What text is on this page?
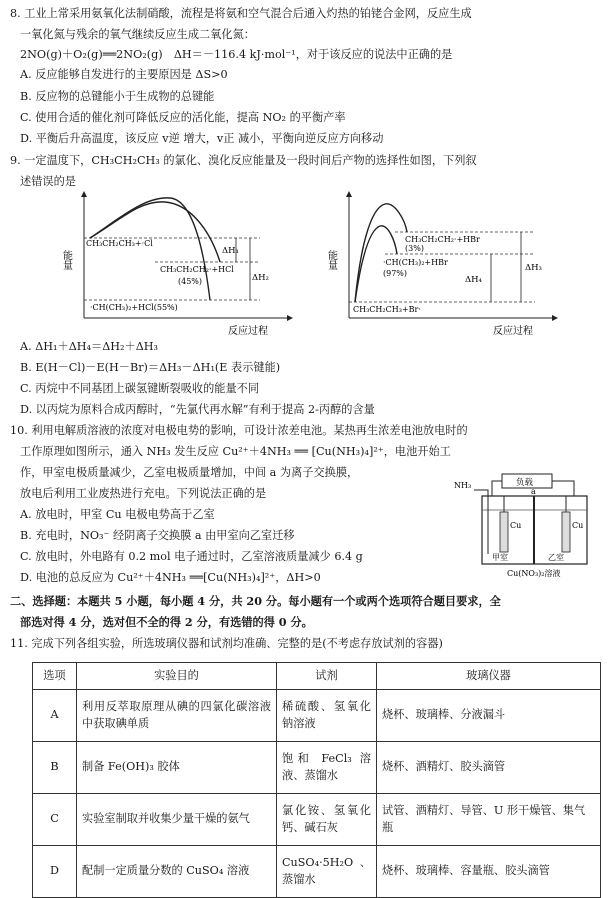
8. 工业上常采用氨氧化法制硝酸，流程是将氨和空气混合后通入灼热的铂铑合金网，反应生成
一氧化氮与残余的氧气继续反应生成二氧化氮：
2NO(g)＋O₂(g)══2NO₂(g)　ΔH＝－116.4 kJ·mol⁻¹，对于该反应的说法中正确的是
A. 反应能够自发进行的主要原因是 ΔS>0
B. 反应物的总键能小于生成物的总键能
C. 使用合适的催化剂可降低反应的活化能，提高 NO₂ 的平衡产率
D. 平衡后升高温度，该反应 v逆 增大，v正 减小，平衡向逆反应方向移动
9. 一定温度下，CH₃CH₂CH₃ 的氯化、溴化反应能量及一段时间后产物的选择性如图，下列叙
述错误的是
能量
反应过程
CH₃CH₂CH₃+·Cl
CH₃CH₂CH₂·+HCl
(45%)
·CH(CH₃)₂+HCl(55%)
ΔH₁
ΔH₂
能量
反应过程
CH₃CH₂CH₂·+HBr
(3%)
·CH(CH₃)₂+HBr
(97%)
CH₃CH₂CH₃+Br·
ΔH₃
ΔH₄
A. ΔH₁＋ΔH₄＝ΔH₂＋ΔH₃
B. E(H－Cl)－E(H－Br)＝ΔH₃－ΔH₁(E 表示键能)
C. 丙烷中不同基团上碳氢键断裂吸收的能量不同
D. 以丙烷为原料合成丙醇时，“先氯代再水解”有利于提高 2-丙醇的含量
10. 利用电解质溶液的浓度对电极电势的影响，可设计浓差电池。某热再生浓差电池放电时的
工作原理如图所示，通入 NH₃ 发生反应 Cu²⁺＋4NH₃ ══ [Cu(NH₃)₄]²⁺，电池开始工
作，甲室电极质量减少，乙室电极质量增加，中间 a 为离子交换膜，
放电后利用工业废热进行充电。下列说法正确的是
A. 放电时，甲室 Cu 电极电势高于乙室
B. 充电时，NO₃⁻ 经阴离子交换膜 a 由甲室向乙室迁移
C. 放电时，外电路有 0.2 mol 电子通过时，乙室溶液质量减少 6.4 g
D. 电池的总反应为 Cu²⁺＋4NH₃ ══[Cu(NH₃)₄]²⁺，ΔH>0
负载
a
Cu	Cu
NH₃
甲室	乙室
Cu(NO₃)₂溶液
二、选择题：本题共 5 小题，每小题 4 分，共 20 分。每小题有一个或两个选项符合题目要求，全
部选对得 4 分，选对但不全的得 2 分，有选错的得 0 分。
11. 完成下列各组实验，所选玻璃仪器和试剂均准确、完整的是(不考虑存放试剂的容器)
选项	实验目的	试剂	玻璃仪器
A	利用反萃取原理从碘的四氯化碳溶液中获取碘单质	稀硫酸、氢氧化钠溶液	烧杯、玻璃棒、分液漏斗
B	制备 Fe(OH)₃ 胶体	饱和 FeCl₃ 溶液、蒸馏水	烧杯、酒精灯、胶头滴管
C	实验室制取并收集少量干燥的氨气	氯化铵、氢氧化钙、碱石灰	试管、酒精灯、导管、U 形干燥管、集气瓶
D	配制一定质量分数的 CuSO₄ 溶液	CuSO₄·5H₂O、蒸馏水	烧杯、玻璃棒、容量瓶、胶头滴管
